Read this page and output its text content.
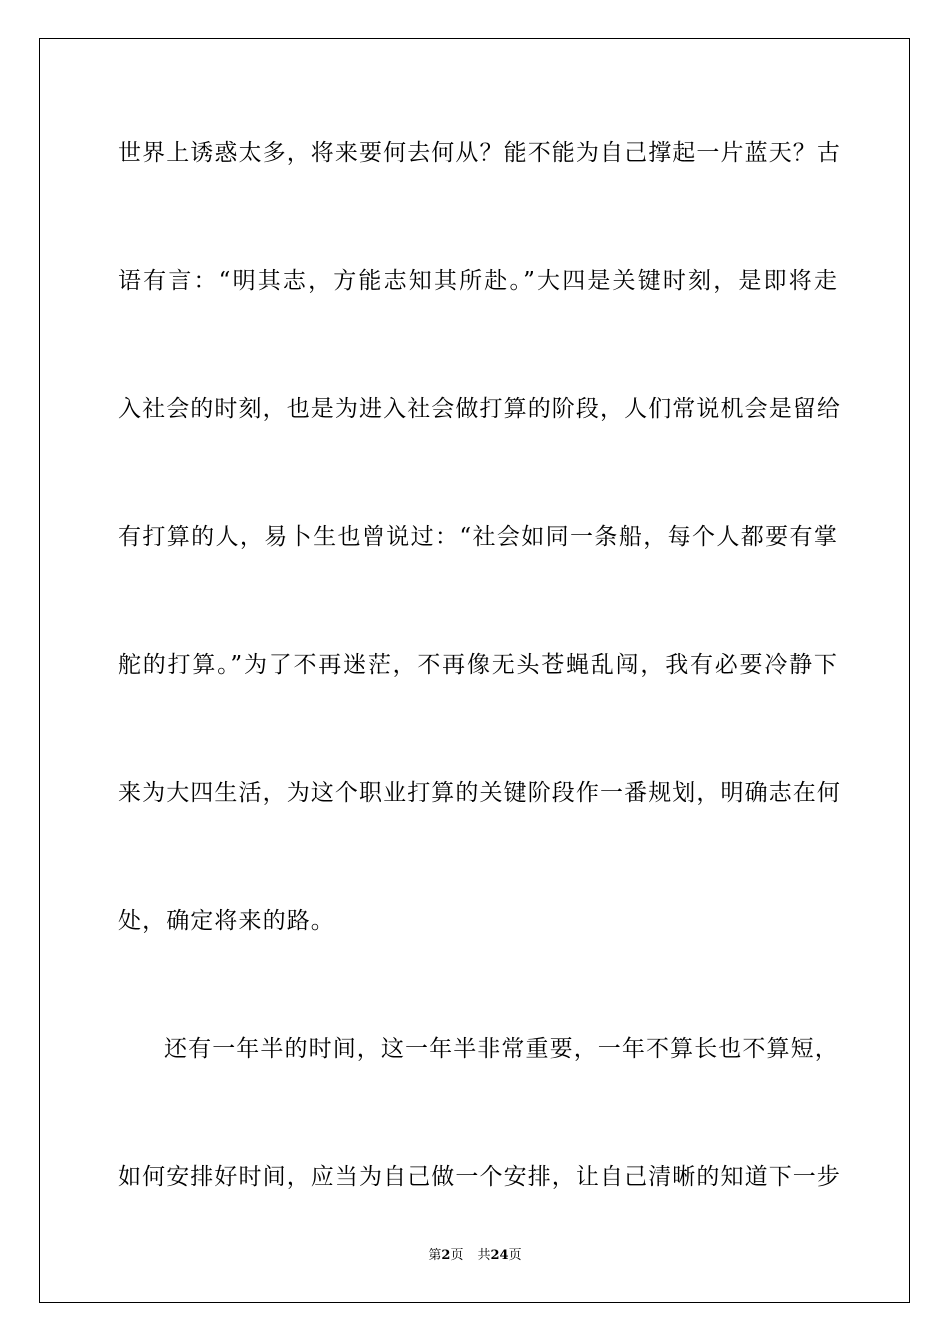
世界上诱惑太多，将来要何去何从？能不能为自己撑起一片蓝天？古
语有言：“明其志，方能志知其所赴。”大四是关键时刻，是即将走
入社会的时刻，也是为进入社会做打算的阶段，人们常说机会是留给
有打算的人，易卜生也曾说过：“社会如同一条船，每个人都要有掌
舵的打算。”为了不再迷茫，不再像无头苍蝇乱闯，我有必要冷静下
来为大四生活，为这个职业打算的关键阶段作一番规划，明确志在何
处，确定将来的路。
还有一年半的时间，这一年半非常重要，一年不算长也不算短，
如何安排好时间，应当为自己做一个安排，让自己清晰的知道下一步
第2页 共24页
